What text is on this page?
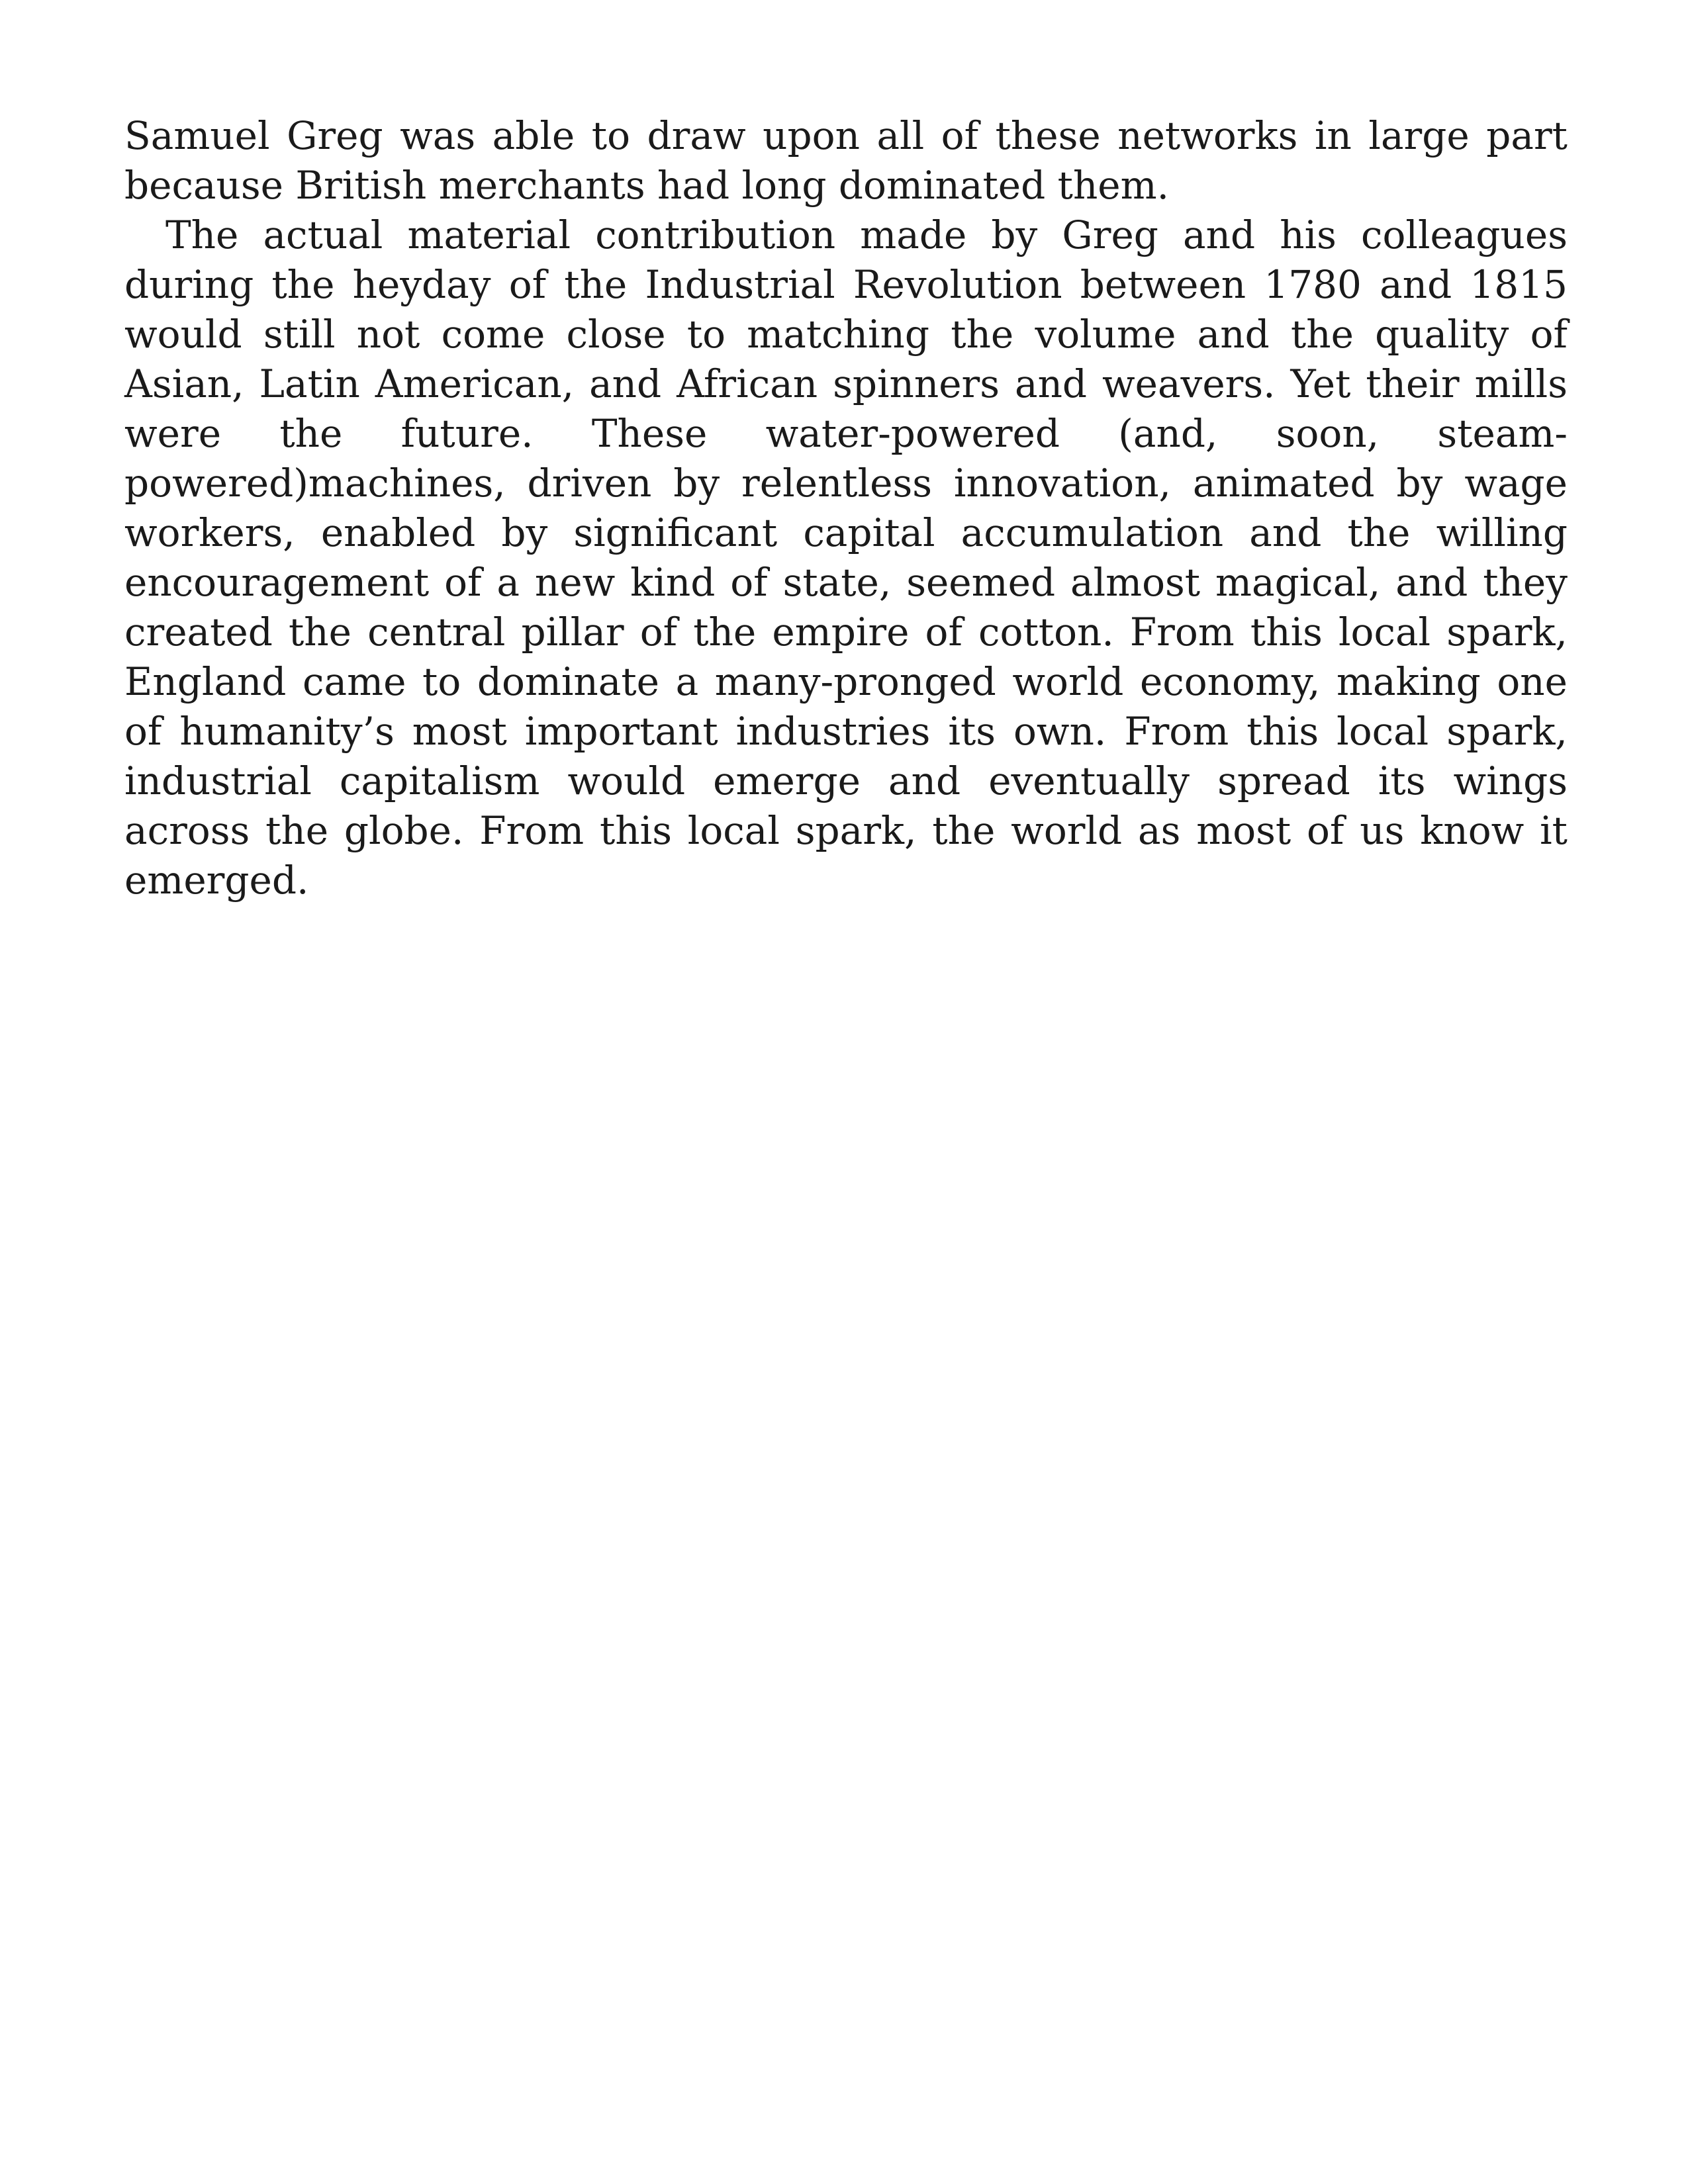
Samuel Greg was able to draw upon all of these networks in large part because British merchants had long dominated them.

The actual material contribution made by Greg and his colleagues during the heyday of the Industrial Revolution between 1780 and 1815 would still not come close to matching the volume and the quality of Asian, Latin American, and African spinners and weavers. Yet their mills were the future. These water-powered (and, soon, steam-powered)machines, driven by relentless innovation, animated by wage workers, enabled by significant capital accumulation and the willing encouragement of a new kind of state, seemed almost magical, and they created the central pillar of the empire of cotton. From this local spark, England came to dominate a many-pronged world economy, making one of humanity’s most important industries its own. From this local spark, industrial capitalism would emerge and eventually spread its wings across the globe. From this local spark, the world as most of us know it emerged.
